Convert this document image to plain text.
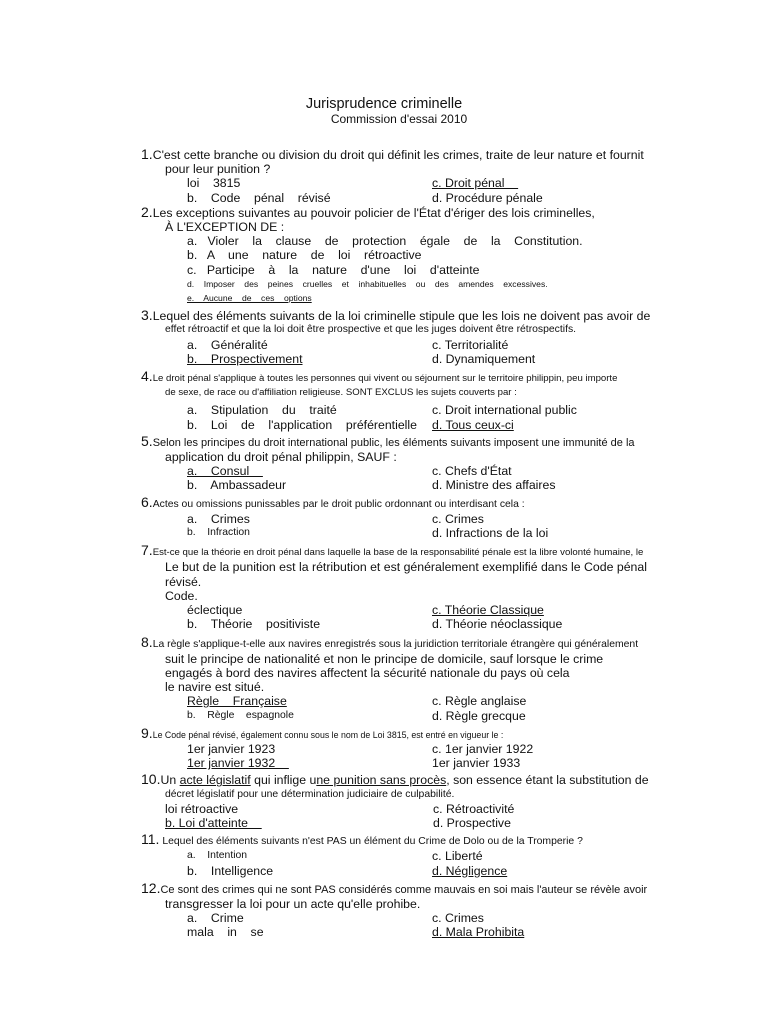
Jurisprudence criminelle
Commission d'essai 2010
1.C'est cette branche ou division du droit qui définit les crimes, traite de leur nature et fournit
pour leur punition ?
loi    3815	c. Droit pénal
b.    Code    pénal    révisé	d. Procédure pénale
2.Les exceptions suivantes au pouvoir policier de l'État d'ériger des lois criminelles,
À L'EXCEPTION DE :
a.   Violer    la    clause    de    protection    égale    de    la    Constitution.
b.   A    une    nature    de    loi    rétroactive
c.   Participe    à    la    nature    d'une    loi    d'atteinte
d.    Imposer    des    peines    cruelles    et    inhabituelles    ou    des    amendes    excessives.
e.    Aucune    de    ces    options
3.Lequel des éléments suivants de la loi criminelle stipule que les lois ne doivent pas avoir de
effet rétroactif et que la loi doit être prospective et que les juges doivent être rétrospectifs.
a.    Généralité	c. Territorialité
b.    Prospectivement	d. Dynamiquement
4.Le droit pénal s'applique à toutes les personnes qui vivent ou séjournent sur le territoire philippin, peu importe
de sexe, de race ou d'affiliation religieuse. SONT EXCLUS les sujets couverts par :
a.    Stipulation    du    traité	c. Droit international public
b.    Loi    de    l'application    préférentielle	d. Tous ceux-ci
5.Selon les principes du droit international public, les éléments suivants imposent une immunité de la
application du droit pénal philippin, SAUF :
a.    Consul	c. Chefs d'État
b.    Ambassadeur	d. Ministre des affaires
6.Actes ou omissions punissables par le droit public ordonnant ou interdisant cela :
a.    Crimes	c. Crimes
b.    Infraction	d. Infractions de la loi
7.Est-ce que la théorie en droit pénal dans laquelle la base de la responsabilité pénale est la libre volonté humaine, le
Le but de la punition est la rétribution et est généralement exemplifié dans le Code pénal révisé.
Code.
éclectique	c. Théorie Classique
b.    Théorie    positiviste	d. Théorie néoclassique
8.La règle s'applique-t-elle aux navires enregistrés sous la juridiction territoriale étrangère qui généralement
suit le principe de nationalité et non le principe de domicile, sauf lorsque le crime
engagés à bord des navires affectent la sécurité nationale du pays où cela
le navire est situé.
Règle    Française	c. Règle anglaise
b.    Règle    espagnole	d. Règle grecque
9.Le Code pénal révisé, également connu sous le nom de Loi 3815, est entré en vigueur le :
1er janvier 1923	c. 1er janvier 1922
1er janvier 1932	1er janvier 1933
10.Un acte législatif qui inflige une punition sans procès, son essence étant la substitution de
décret législatif pour une détermination judiciaire de culpabilité.
loi rétroactive	c. Rétroactivité
b. Loi d'atteinte	d. Prospective
11. Lequel des éléments suivants n'est PAS un élément du Crime de Dolo ou de la Tromperie ?
a.    Intention	c. Liberté
b.    Intelligence	d. Négligence
12.Ce sont des crimes qui ne sont PAS considérés comme mauvais en soi mais l'auteur se révèle avoir
transgresser la loi pour un acte qu'elle prohibe.
a.    Crime	c. Crimes
mala    in    se	d. Mala Prohibita
